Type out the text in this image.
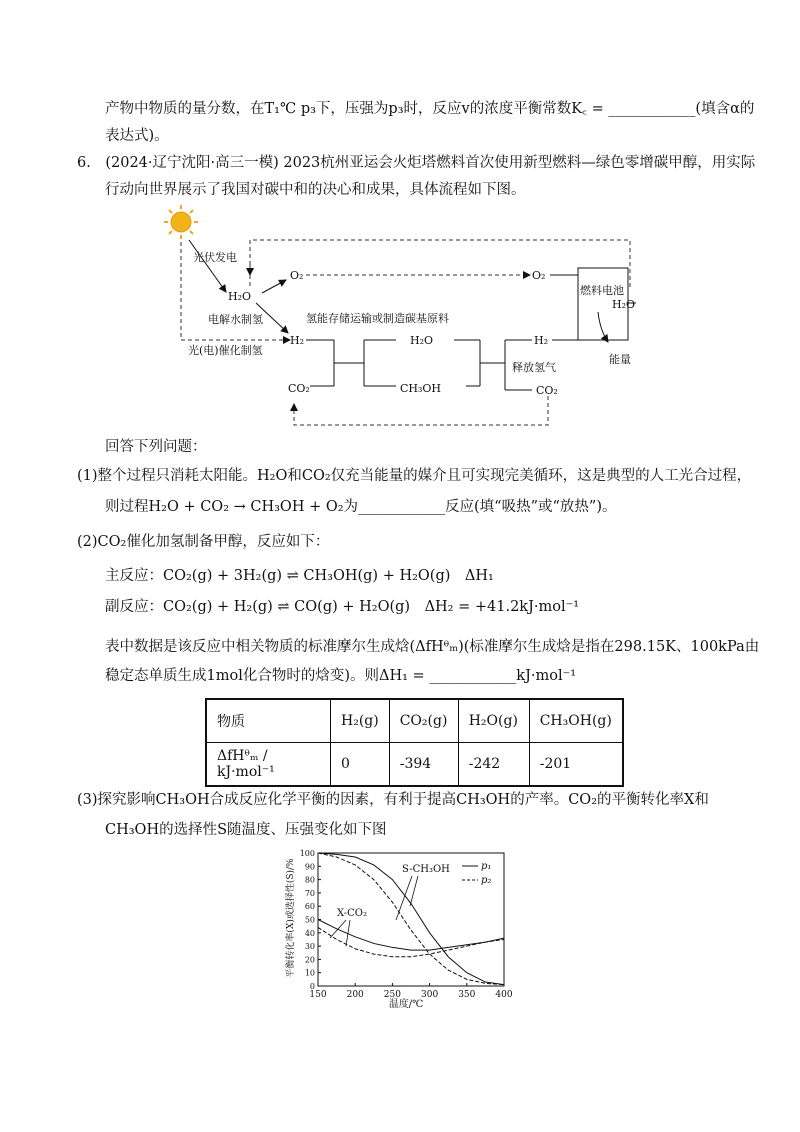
产物中物质的量分数，在T₁℃ p₃下，压强为p₃时，反应ⅴ的浓度平衡常数K꜀ = ____________(填含α的
表达式)。
6.　(2024·辽宁沈阳·高三一模) 2023杭州亚运会火炬塔燃料首次使用新型燃料—绿色零增碳甲醇，用实际
行动向世界展示了我国对碳中和的决心和成果，具体流程如下图。
光伏发电
H₂O
O₂	O₂
电解水制氢	氢能存储运输或制造碳基原料
光(电)催化制氢
H₂	H₂O
CO₂	CH₃OH
释放氢气
H₂
CO₂
燃料电池
H₂O
能量
回答下列问题：
(1)整个过程只消耗太阳能。H₂O和CO₂仅充当能量的媒介且可实现完美循环，这是典型的人工光合过程，
则过程H₂O + CO₂ → CH₃OH + O₂为____________反应(填“吸热”或“放热”)。
(2)CO₂催化加氢制备甲醇，反应如下：
主反应：CO₂(g) + 3H₂(g) ⇌ CH₃OH(g) + H₂O(g)　ΔH₁
副反应：CO₂(g) + H₂(g) ⇌ CO(g) + H₂O(g)　ΔH₂ = +41.2kJ·mol⁻¹
表中数据是该反应中相关物质的标准摩尔生成焓(ΔfHᶿₘ)(标准摩尔生成焓是指在298.15K、100kPa由
稳定态单质生成1mol化合物时的焓变)。则ΔH₁ = ____________kJ·mol⁻¹
物质	H₂(g)	CO₂(g)	H₂O(g)	CH₃OH(g)
ΔfHᶿₘ / kJ·mol⁻¹	0	-394	-242	-201
(3)探究影响CH₃OH合成反应化学平衡的因素，有利于提高CH₃OH的产率。CO₂的平衡转化率X和
CH₃OH的选择性S随温度、压强变化如下图
150 200 250 300 350 400
0
10
20
30
40
50
60
70
80
90
100
温度/℃
平衡转化率(X)或选择性(S)/%	S-CH₃OH
X-CO₂
p₁
p₂
